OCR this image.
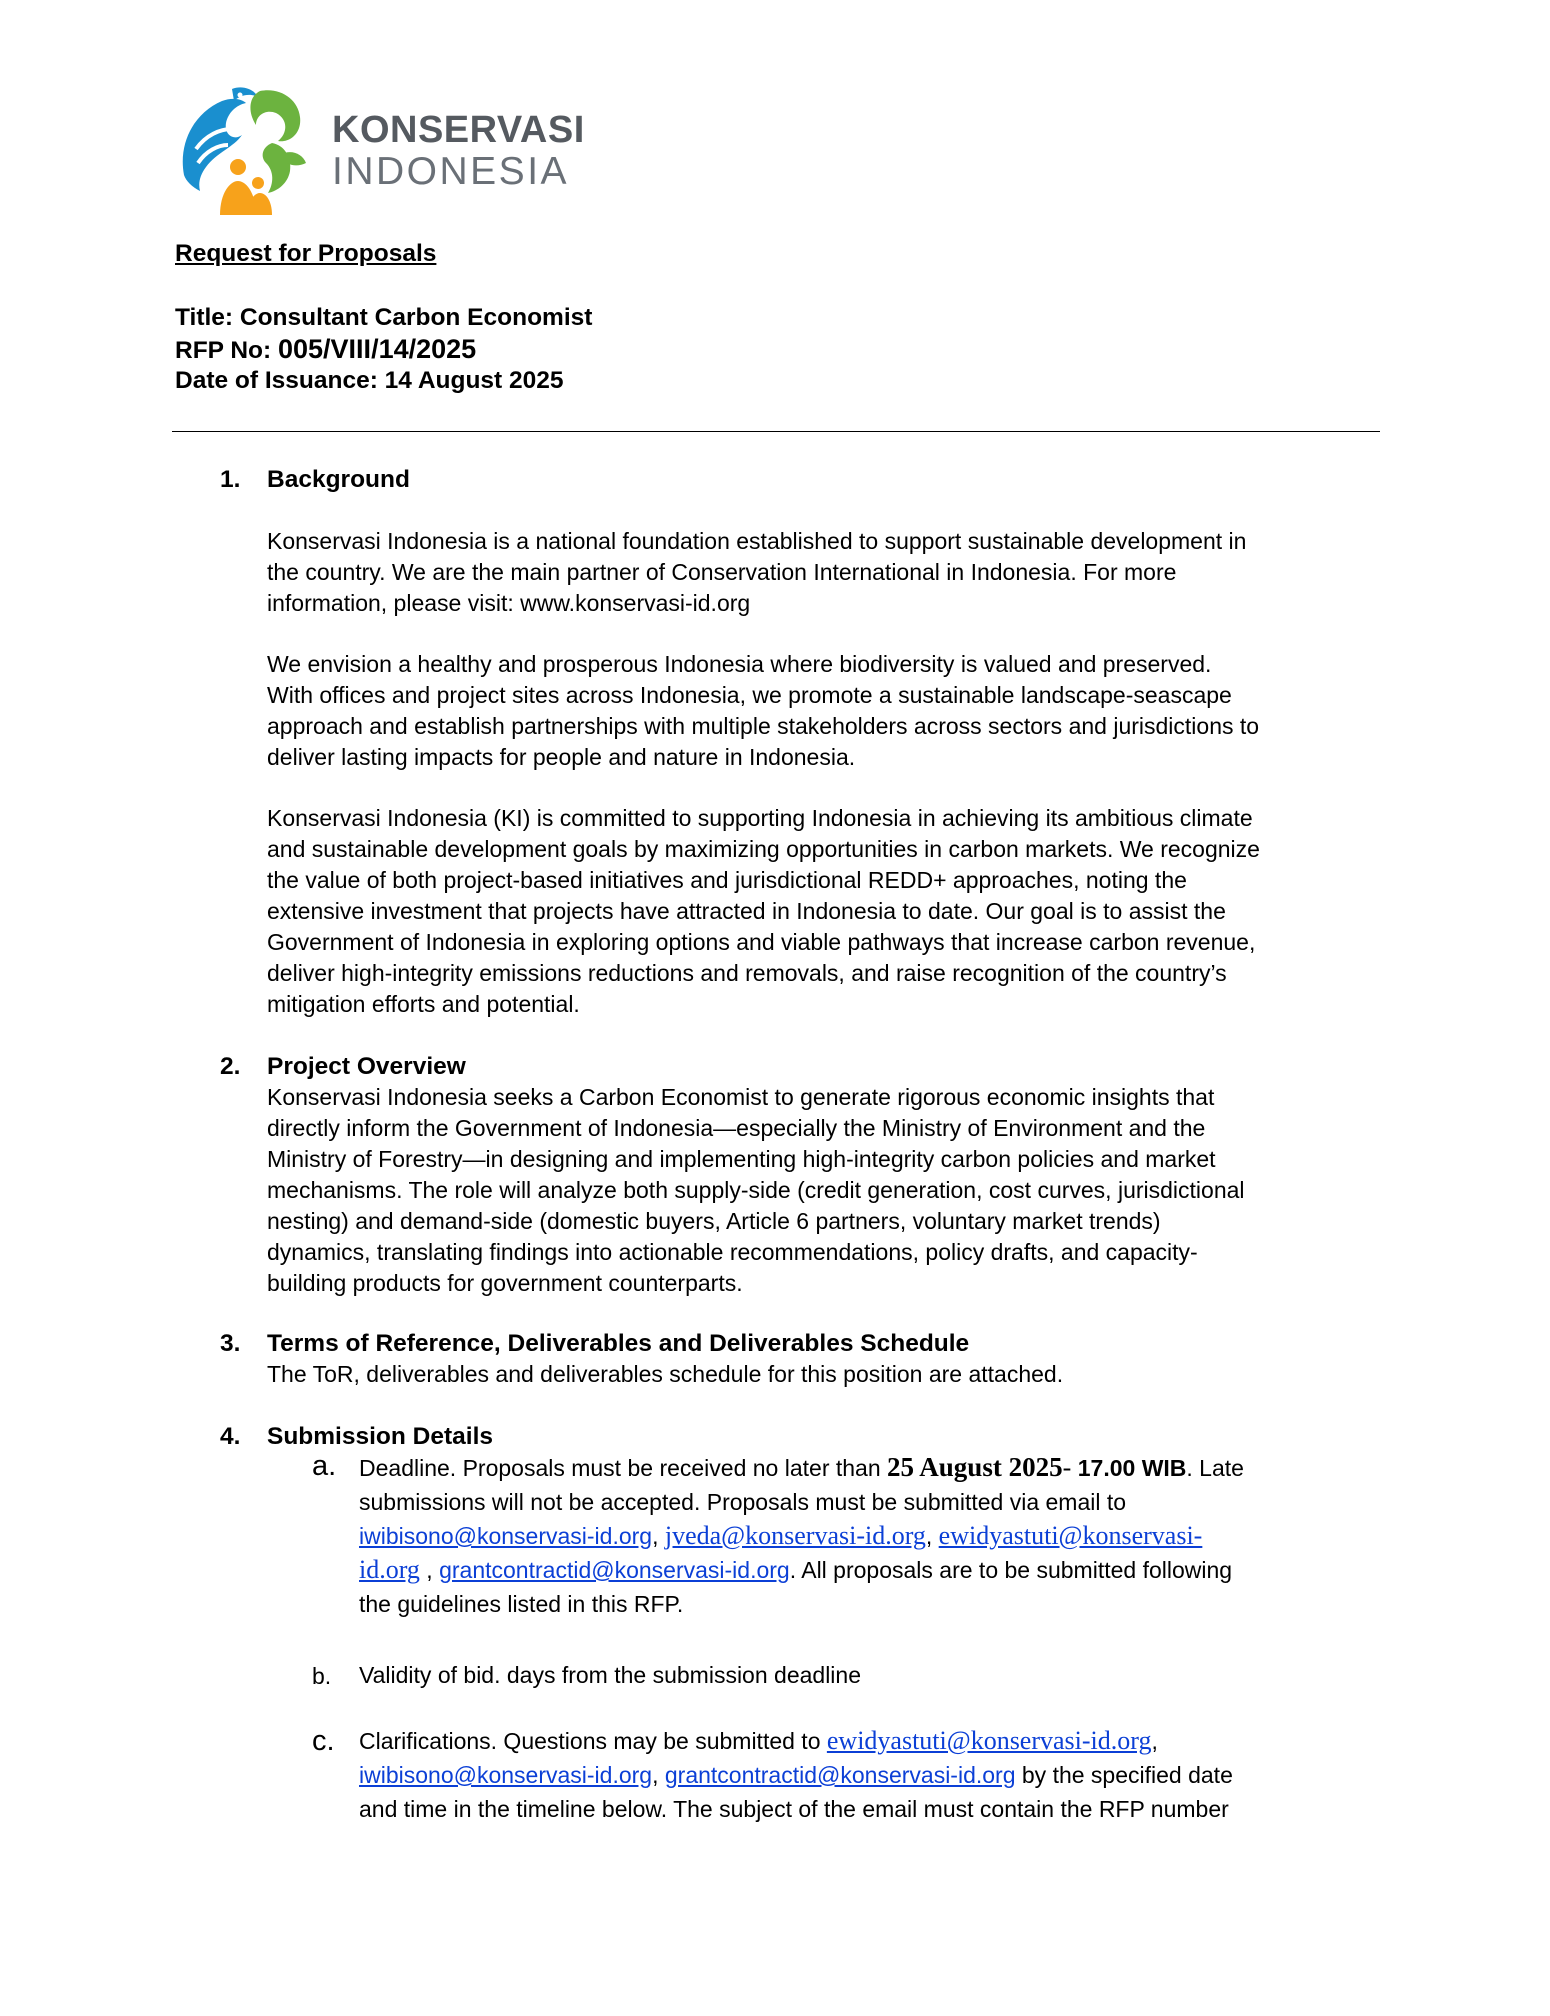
KONSERVASI
INDONESIA
Request for Proposals
Title: Consultant Carbon Economist
RFP No: 005/VIII/14/2025
Date of Issuance: 14 August 2025
1. Background
Konservasi Indonesia is a national foundation established to support sustainable development in
the country. We are the main partner of Conservation International in Indonesia. For more
information, please visit: www.konservasi-id.org
We envision a healthy and prosperous Indonesia where biodiversity is valued and preserved.
With offices and project sites across Indonesia, we promote a sustainable landscape-seascape
approach and establish partnerships with multiple stakeholders across sectors and jurisdictions to
deliver lasting impacts for people and nature in Indonesia.
Konservasi Indonesia (KI) is committed to supporting Indonesia in achieving its ambitious climate
and sustainable development goals by maximizing opportunities in carbon markets. We recognize
the value of both project-based initiatives and jurisdictional REDD+ approaches, noting the
extensive investment that projects have attracted in Indonesia to date. Our goal is to assist the
Government of Indonesia in exploring options and viable pathways that increase carbon revenue,
deliver high-integrity emissions reductions and removals, and raise recognition of the country’s
mitigation efforts and potential.
2. Project Overview
Konservasi Indonesia seeks a Carbon Economist to generate rigorous economic insights that
directly inform the Government of Indonesia—especially the Ministry of Environment and the
Ministry of Forestry—in designing and implementing high-integrity carbon policies and market
mechanisms. The role will analyze both supply-side (credit generation, cost curves, jurisdictional
nesting) and demand-side (domestic buyers, Article 6 partners, voluntary market trends)
dynamics, translating findings into actionable recommendations, policy drafts, and capacity-
building products for government counterparts.
3. Terms of Reference, Deliverables and Deliverables Schedule
The ToR, deliverables and deliverables schedule for this position are attached.
4. Submission Details
a. Deadline. Proposals must be received no later than 25 August 2025- 17.00 WIB. Late
submissions will not be accepted. Proposals must be submitted via email to
iwibisono@konservasi-id.org, jveda@konservasi-id.org, ewidyastuti@konservasi-
id.org , grantcontractid@konservasi-id.org. All proposals are to be submitted following
the guidelines listed in this RFP.
b. Validity of bid. days from the submission deadline
c. Clarifications. Questions may be submitted to ewidyastuti@konservasi-id.org,
iwibisono@konservasi-id.org, grantcontractid@konservasi-id.org by the specified date
and time in the timeline below. The subject of the email must contain the RFP number
